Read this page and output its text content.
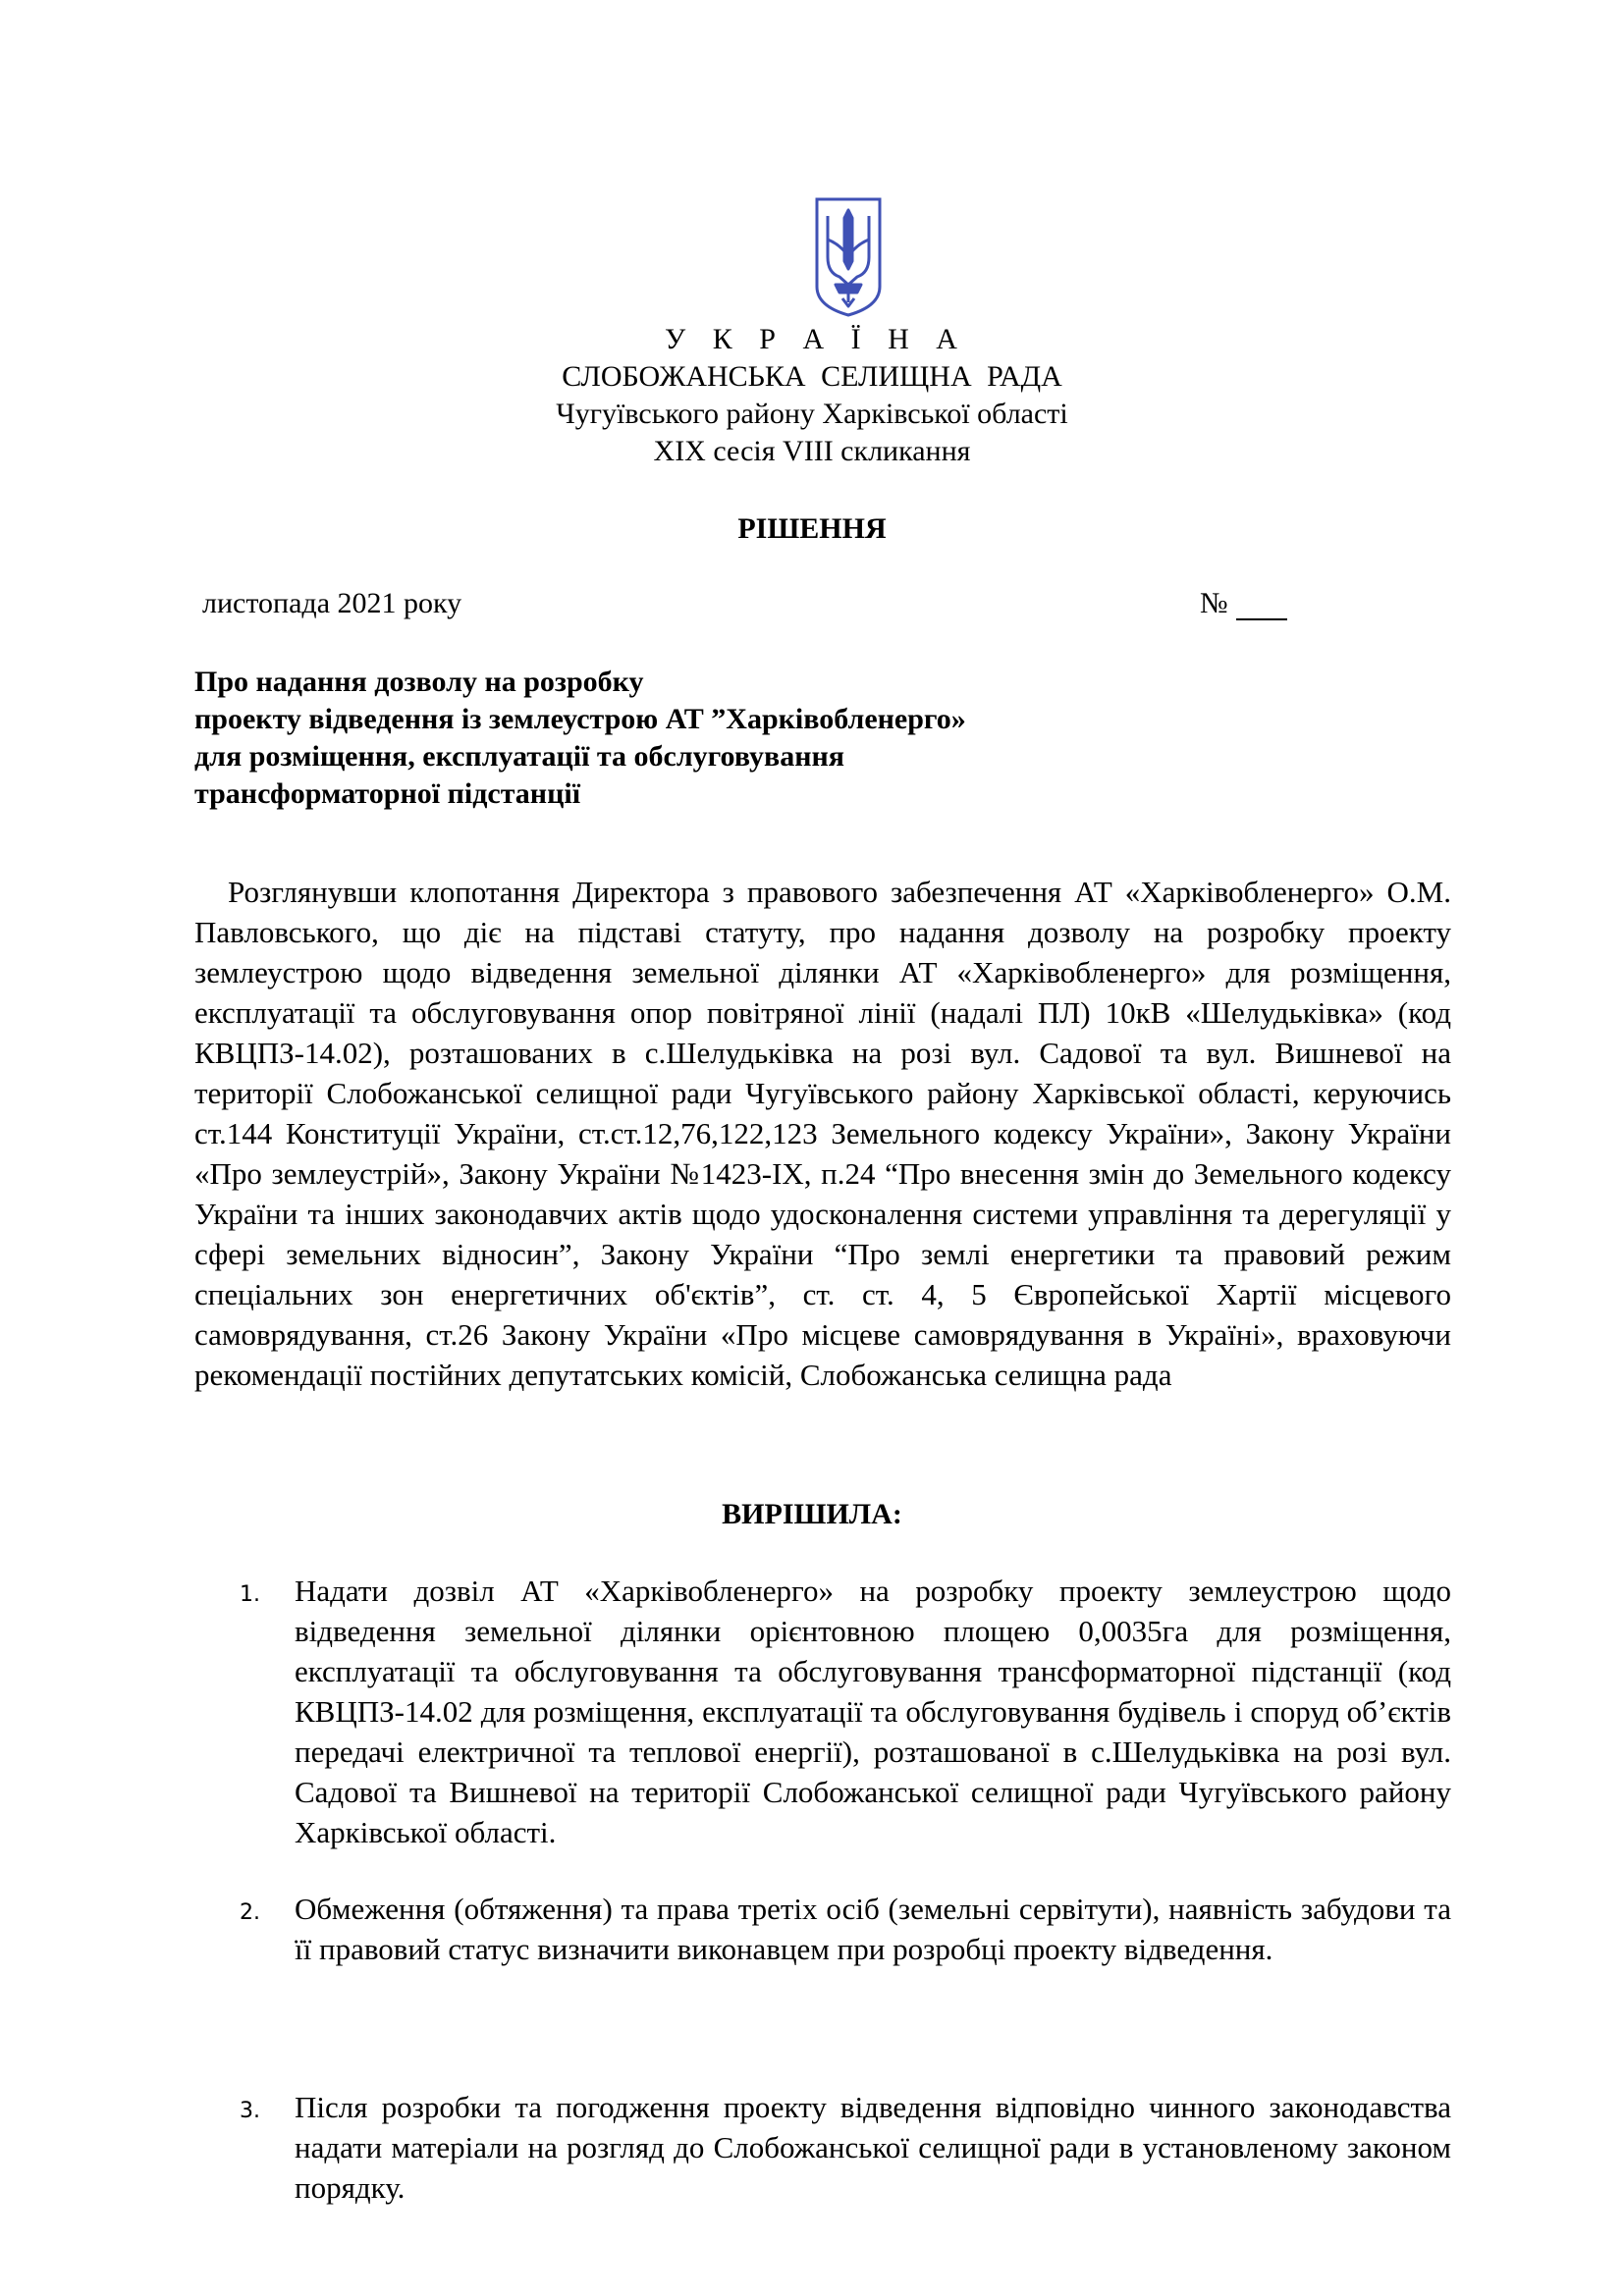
У К Р А Ї Н А
СЛОБОЖАНСЬКА СЕЛИЩНА РАДА
Чугуївського району Харківської області
ХІХ сесія VІІІ скликання
РІШЕННЯ
листопада 2021 року	№
Про надання дозволу на розробку
проекту відведення із землеустрою АТ ”Харківобленерго»
для розміщення, експлуатації та обслуговування
трансформаторної підстанції
Розглянувши клопотання Директора з правового забезпечення АТ «Харківобленерго» О.М. Павловського, що діє на підставі статуту, про надання дозволу на розробку проекту землеустрою щодо відведення земельної ділянки АТ «Харківобленерго» для розміщення, експлуатації та обслуговування опор повітряної лінії (надалі ПЛ) 10кВ «Шелудьківка» (код КВЦПЗ-14.02), розташованих в с.Шелудьківка на розі вул. Садової та вул. Вишневої на території Слобожанської селищної ради Чугуївського району Харківської області, керуючись ст.144 Конституції України, ст.ст.12,76,122,123 Земельного кодексу України», Закону України «Про землеустрій», Закону України №1423-IX, п.24 “Про внесення змін до Земельного кодексу України та інших законодавчих актів щодо удосконалення системи управління та дерегуляції у сфері земельних відносин”, Закону України “Про землі енергетики та правовий режим спеціальних зон енергетичних об'єктів”, ст. ст. 4, 5 Європейської Хартії місцевого самоврядування, ст.26 Закону України «Про місцеве самоврядування в Україні», враховуючи рекомендації постійних депутатських комісій, Слобожанська селищна рада
ВИРІШИЛА:
1. Надати дозвіл АТ «Харківобленерго» на розробку проекту землеустрою щодо відведення земельної ділянки орієнтовною площею 0,0035га для розміщення, експлуатації та обслуговування та обслуговування трансформаторної підстанції (код КВЦПЗ-14.02 для розміщення, експлуатації та обслуговування будівель і споруд об’єктів передачі електричної та теплової енергії), розташованої в с.Шелудьківка на розі вул. Садової та Вишневої на території Слобожанської селищної ради Чугуївського району Харківської області.
2. Обмеження (обтяження) та права третіх осіб (земельні сервітути), наявність забудови та її правовий статус визначити виконавцем при розробці проекту відведення.
3. Після розробки та погодження проекту відведення відповідно чинного законодавства надати матеріали на розгляд до Слобожанської селищної ради в установленому законом порядку.
